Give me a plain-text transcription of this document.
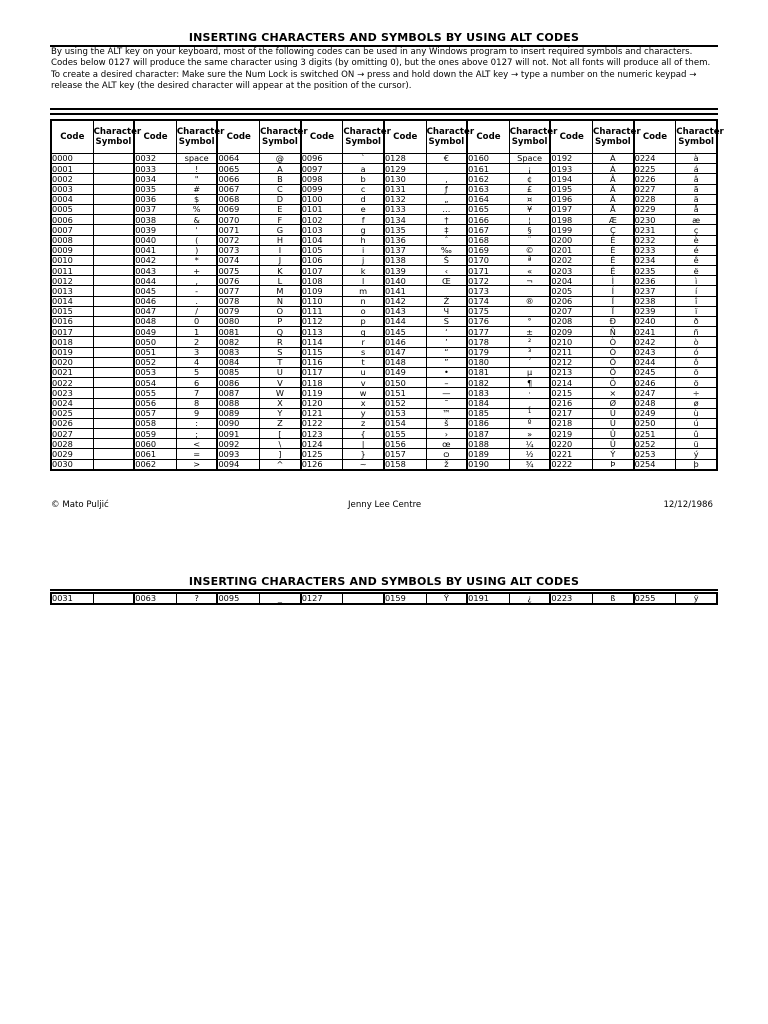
INSERTING CHARACTERS AND SYMBOLS BY USING ALT CODES

By using the ALT key on your keyboard, most of the following codes can be used in any Windows program to insert required symbols and characters. Codes below 0127 will produce the same character using 3 digits (by omitting 0), but the ones above 0127 will not. Not all fonts will produce all of them.

To create a desired character: Make sure the Num Lock is switched ON → press and hold down the ALT key → type a number on the numeric keypad → release the ALT key (the desired character will appear at the position of the cursor).

Code	Character Symbol	Code	Character Symbol	Code	Character Symbol	Code	Character Symbol	Code	Character Symbol	Code	Character Symbol	Code	Character Symbol	Code	Character Symbol
0000		0032	space	0064	@	0096	`	0128	€	0160	Space	0192	À	0224	à
0001		0033	!	0065	A	0097	a	0129		0161	¡	0193	Á	0225	á
0002		0034	"	0066	B	0098	b	0130	‚	0162	¢	0194	Â	0226	â
0003		0035	#	0067	C	0099	c	0131	ƒ	0163	£	0195	Ã	0227	ã
0004		0036	$	0068	D	0100	d	0132	„	0164	¤	0196	Ä	0228	ä
0005		0037	%	0069	E	0101	e	0133	…	0165	¥	0197	Å	0229	å
0006		0038	&	0070	F	0102	f	0134	†	0166	¦	0198	Æ	0230	æ
0007		0039	'	0071	G	0103	g	0135	‡	0167	§	0199	Ç	0231	ç
0008		0040	(	0072	H	0104	h	0136	ˆ	0168	¨	0200	È	0232	è
0009		0041	)	0073	I	0105	i	0137	‰	0169	©	0201	É	0233	é
0010		0042	*	0074	J	0106	j	0138	Š	0170	ª	0202	Ê	0234	ê
0011		0043	+	0075	K	0107	k	0139	‹	0171	«	0203	Ë	0235	ë
0012		0044	,	0076	L	0108	l	0140	Œ	0172	¬	0204	Ì	0236	ì
0013		0045	-	0077	M	0109	m	0141		0173		0205	Í	0237	í
0014		0046	.	0078	N	0110	n	0142	Ž	0174	®	0206	Î	0238	î
0015		0047	/	0079	O	0111	o	0143	Ч	0175		0207	Ï	0239	ï
0016		0048	0	0080	P	0112	p	0144	Ѕ	0176	°	0208	Ð	0240	ð
0017		0049	1	0081	Q	0113	q	0145	‘	0177	±	0209	Ñ	0241	ñ
0018		0050	2	0082	R	0114	r	0146	’	0178	²	0210	Ò	0242	ò
0019		0051	3	0083	S	0115	s	0147	“	0179	³	0211	Ó	0243	ó
0020		0052	4	0084	T	0116	t	0148	”	0180	´	0212	Ô	0244	ô
0021		0053	5	0085	U	0117	u	0149	•	0181	µ	0213	Õ	0245	õ
0022		0054	6	0086	V	0118	v	0150	–	0182	¶	0214	Ö	0246	ö
0023		0055	7	0087	W	0119	w	0151	—	0183	·	0215	×	0247	÷
0024		0056	8	0088	X	0120	x	0152	˜	0184	¸	0216	Ø	0248	ø
0025		0057	9	0089	Y	0121	y	0153	™	0185	¹	0217	Ù	0249	ù
0026		0058	:	0090	Z	0122	z	0154	š	0186	º	0218	Ú	0250	ú
0027		0059	;	0091	[	0123	{	0155	›	0187	»	0219	Û	0251	û
0028		0060	<	0092	\	0124	|	0156	œ	0188	¼	0220	Ü	0252	ü
0029		0061	=	0093	]	0125	}	0157	ѻ	0189	½	0221	Ý	0253	ý
0030		0062	>	0094	^	0126	~	0158	ž	0190	¾	0222	Þ	0254	þ
© Mato Puljić	Jenny Lee Centre	12/12/1986
INSERTING CHARACTERS AND SYMBOLS BY USING ALT CODES
0031		0063	?	0095	_	0127		0159	Ÿ	0191	¿	0223	ß	0255	ÿ
